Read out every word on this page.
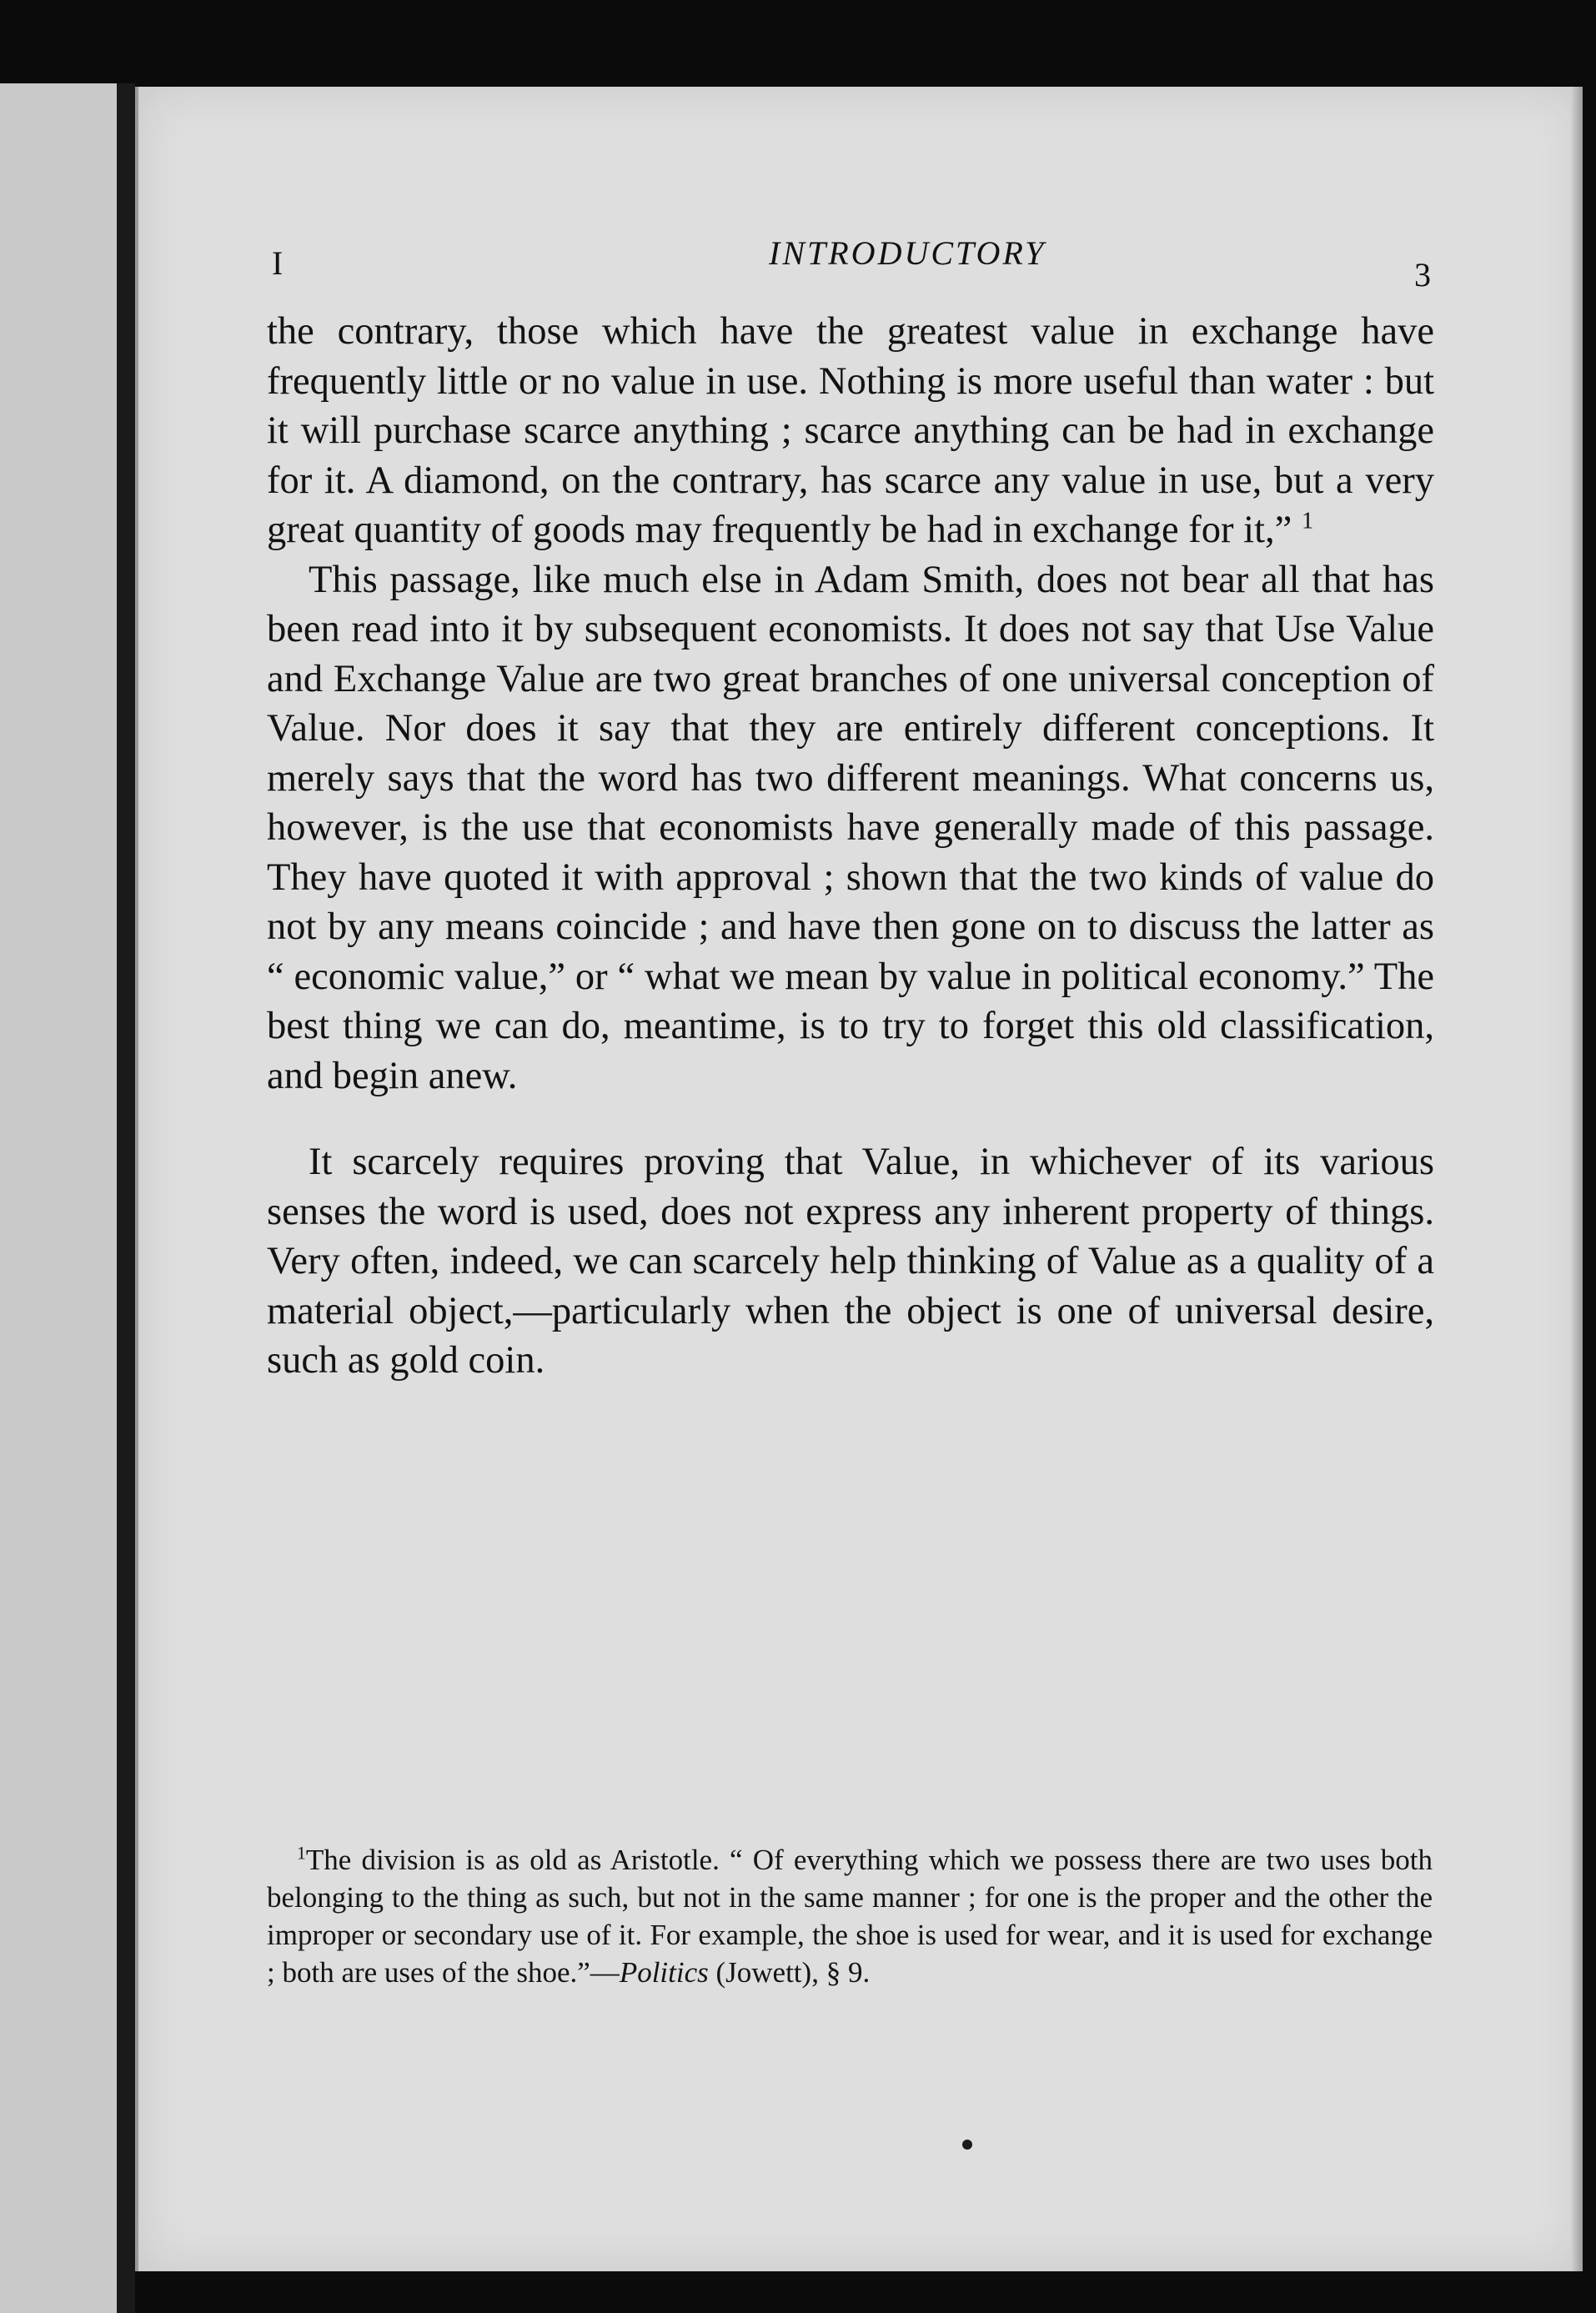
I	INTRODUCTORY
3

the contrary, those which have the greatest value in exchange have frequently little or no value in use. Nothing is more useful than water : but it will purchase scarce anything ; scarce anything can be had in exchange for it. A diamond, on the contrary, has scarce any value in use, but a very great quantity of goods may frequently be had in exchange for it,” $^1$

This passage, like much else in Adam Smith, does not bear all that has been read into it by subsequent economists. It does not say that Use Value and Exchange Value are two great branches of one universal conception of Value. Nor does it say that they are entirely different conceptions. It merely says that the word has two different meanings. What concerns us, however, is the use that economists have generally made of this passage. They have quoted it with approval ; shown that the two kinds of value do not by any means coincide ; and have then gone on to discuss the latter as “ economic value,” or “ what we mean by value in political economy.” The best thing we can do, meantime, is to try to forget this old classification, and begin anew.

It scarcely requires proving that Value, in whichever of its various senses the word is used, does not express any inherent property of things. Very often, indeed, we can scarcely help thinking of Value as a quality of a material object,—particularly when the object is one of universal desire, such as gold coin.

$^1$The division is as old as Aristotle. “ Of everything which we possess there are two uses both belonging to the thing as such, but not in the same manner ; for one is the proper and the other the improper or secondary use of it. For example, the shoe is used for wear, and it is used for exchange ; both are uses of the shoe.”—Politics (Jowett), § 9.
